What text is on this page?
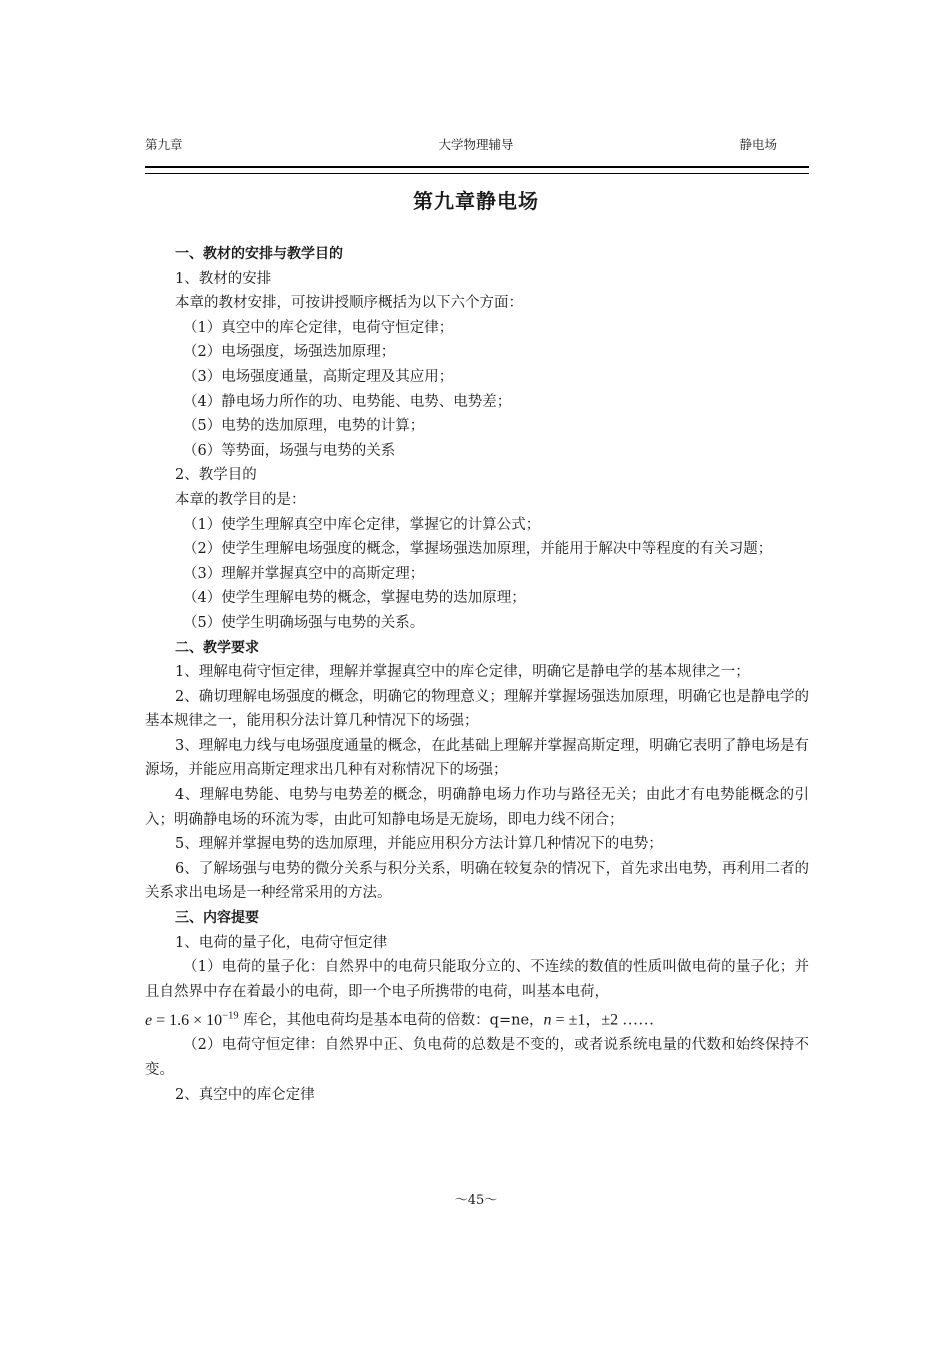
第九章	大学物理辅导	静电场
第九章静电场

一、教材的安排与教学目的

1、教材的安排

本章的教材安排，可按讲授顺序概括为以下六个方面：

（1）真空中的库仑定律，电荷守恒定律；

（2）电场强度，场强迭加原理；

（3）电场强度通量，高斯定理及其应用；

（4）静电场力所作的功、电势能、电势、电势差；

（5）电势的迭加原理，电势的计算；

（6）等势面，场强与电势的关系

2、教学目的

本章的教学目的是：

（1）使学生理解真空中库仑定律，掌握它的计算公式；

（2）使学生理解电场强度的概念，掌握场强迭加原理，并能用于解决中等程度的有关习题；

（3）理解并掌握真空中的高斯定理；

（4）使学生理解电势的概念，掌握电势的迭加原理；

（5）使学生明确场强与电势的关系。

二、教学要求

1、理解电荷守恒定律，理解并掌握真空中的库仑定律，明确它是静电学的基本规律之一；

2、确切理解电场强度的概念，明确它的物理意义；理解并掌握场强迭加原理，明确它也是静电学的基本规律之一，能用积分法计算几种情况下的场强；

3、理解电力线与电场强度通量的概念，在此基础上理解并掌握高斯定理，明确它表明了静电场是有源场，并能应用高斯定理求出几种有对称情况下的场强；

4、理解电势能、电势与电势差的概念，明确静电场力作功与路径无关；由此才有电势能概念的引入；明确静电场的环流为零，由此可知静电场是无旋场，即电力线不闭合；

5、理解并掌握电势的迭加原理，并能应用积分方法计算几种情况下的电势；

6、了解场强与电势的微分关系与积分关系，明确在较复杂的情况下，首先求出电势，再利用二者的关系求出电场是一种经常采用的方法。

三、内容提要

1、电荷的量子化，电荷守恒定律

（1）电荷的量子化：自然界中的电荷只能取分立的、不连续的数值的性质叫做电荷的量子化；并且自然界中存在着最小的电荷，即一个电子所携带的电荷，叫基本电荷，

$e = 1.6 \times 10^{-19}$ 库仑，其他电荷均是基本电荷的倍数：q=ne，n = ±1，±2 ……

（2）电荷守恒定律：自然界中正、负电荷的总数是不变的，或者说系统电量的代数和始终保持不变。

2、真空中的库仑定律

～45～
